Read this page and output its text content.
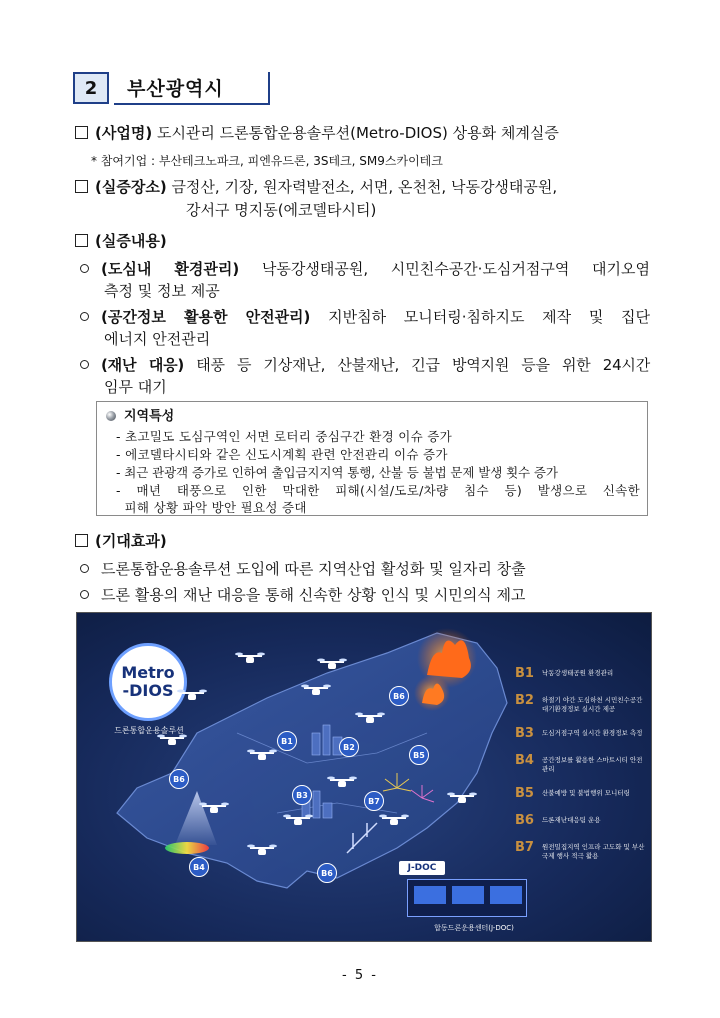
2	부산광역시
(사업명) 도시관리 드론통합운용솔루션(Metro-DIOS) 상용화 체계실증
* 참여기업 : 부산테크노파크, 피엔유드론, 3S테크, SM9스카이테크
(실증장소) 금정산, 기장, 원자력발전소, 서면, 온천천, 낙동강생태공원,
강서구 명지동(에코델타시티)
(실증내용)
(도심내 환경관리) 낙동강생태공원, 시민친수공간·도심거점구역 대기오염
측정 및 정보 제공
(공간정보 활용한 안전관리) 지반침하 모니터링·침하지도 제작 및 집단
에너지 안전관리
(재난 대응) 태풍 등 기상재난, 산불재난, 긴급 방역지원 등을 위한 24시간
임무 대기
지역특성
- 초고밀도 도심구역인 서면 로터리 중심구간 환경 이슈 증가
- 에코델타시티와 같은 신도시계획 관련 안전관리 이슈 증가
- 최근 관광객 증가로 인하여 출입금지지역 통행, 산불 등 불법 문제 발생 횟수 증가
- 매년 태풍으로 인한 막대한 피해(시설/도로/차량 침수 등) 발생으로 신속한
피해 상황 파악 방안 필요성 증대
(기대효과)
드론통합운용솔루션 도입에 따른 지역산업 활성화 및 일자리 창출
드론 활용의 재난 대응을 통해 신속한 상황 인식 및 시민의식 제고
Metro
-DIOS
드론통합운용솔루션
B1
B2
B3
B4
B5
B6
B6
B6
B7
J-DOC
합동드론운용센터(J-DOC)
B1	낙동강생태공원 환경관리
B2	하절기 야간 도심하천 시민친수공간 대기환경정보 실시간 제공
B3	도심거점구역 실시간 환경정보 측정
B4	공간정보를 활용한 스마트시티 안전관리
B5	산불예방 및 불법행위 모니터링
B6	드론재난대응팀 운용
B7	원전밀집지역 인프라 고도화 및 부산 국제 행사 적극 활용
- 5 -
